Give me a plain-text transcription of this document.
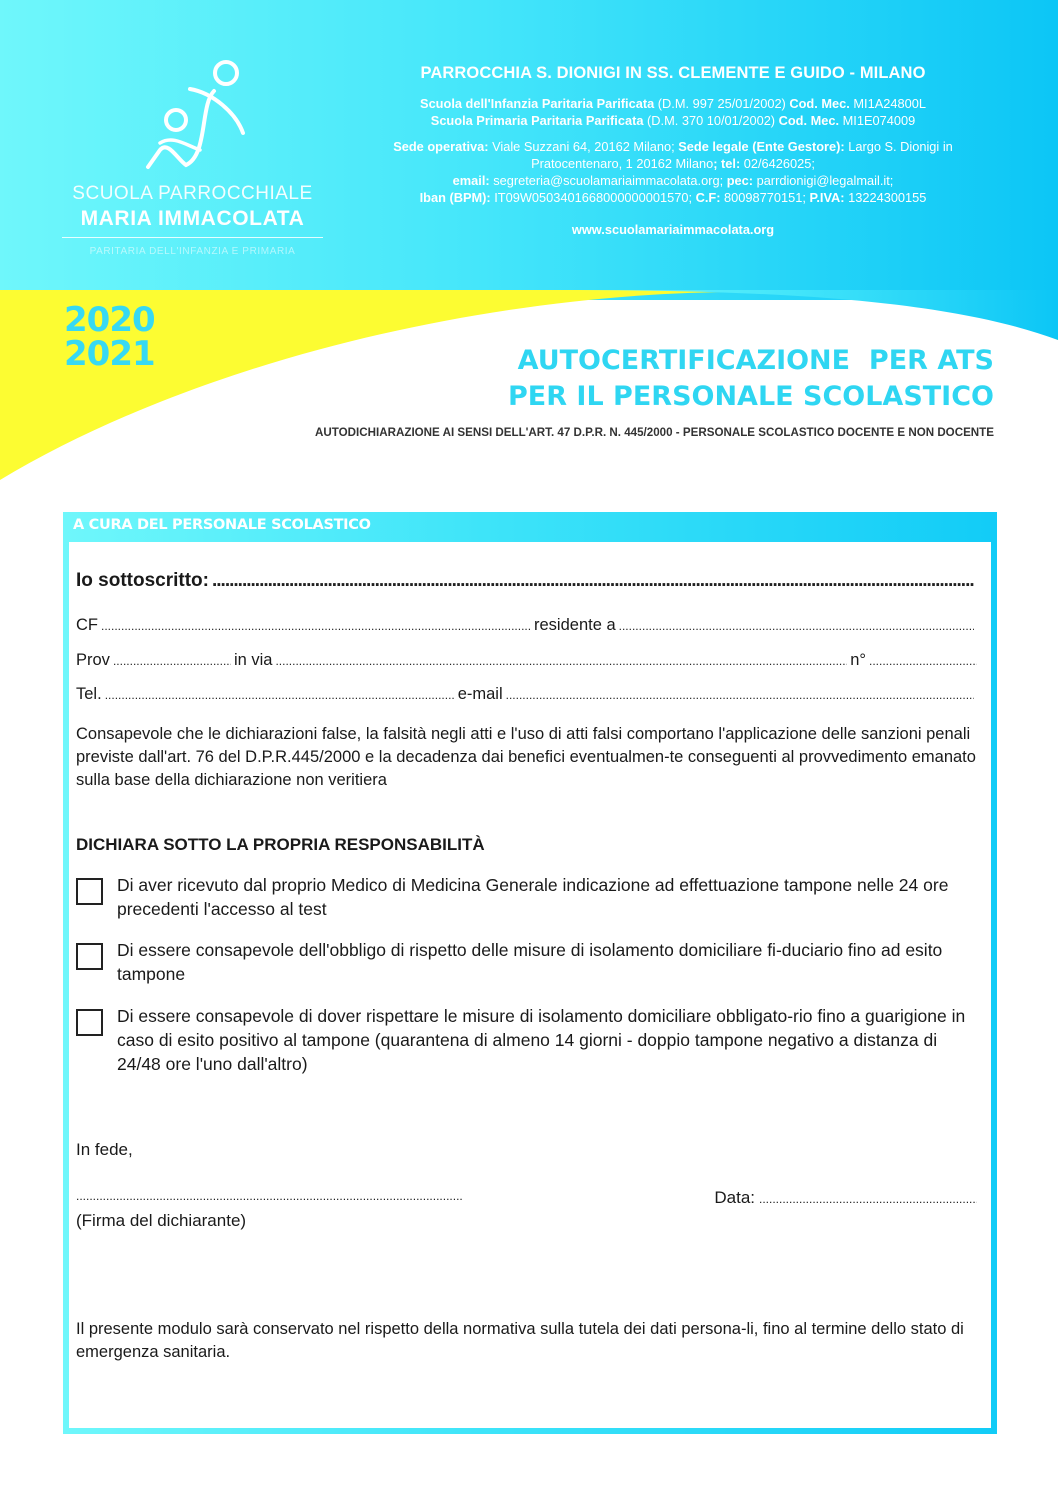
SCUOLA PARROCCHIALE
MARIA IMMACOLATA
PARITARIA DELL'INFANZIA E PRIMARIA
PARROCCHIA S. DIONIGI IN SS. CLEMENTE E GUIDO - MILANO
Scuola dell'Infanzia Paritaria Parificata (D.M. 997 25/01/2002) Cod. Mec. MI1A24800L
Scuola Primaria Paritaria Parificata (D.M. 370 10/01/2002) Cod. Mec. MI1E074009
Sede operativa: Viale Suzzani 64, 20162 Milano; Sede legale (Ente Gestore): Largo S. Dionigi in Pratocentenaro, 1 20162 Milano; tel: 02/6426025;
email: segreteria@scuolamariaimmacolata.org; pec: parrdionigi@legalmail.it;
Iban (BPM): IT09W0503401668000000001570; C.F: 80098770151; P.IVA: 13224300155
www.scuolamariaimmacolata.org
2020
2021	AUTOCERTIFICAZIONE  PER ATS
PER IL PERSONALE SCOLASTICO
AUTODICHIARAZIONE AI SENSI DELL'ART. 47 D.P.R. N. 445/2000 - PERSONALE SCOLASTICO DOCENTE E NON DOCENTE
A CURA DEL PERSONALE SCOLASTICO
Io sottoscritto:
.....
CF .....	residente a
.....
Prov .....	in via .....	n°
.....
Tel. .....	e-mail
.....
Consapevole che le dichiarazioni false, la falsità negli atti e l'uso di atti falsi comportano l'applicazione delle sanzioni penali previste dall'art. 76 del D.P.R.445/2000 e la decadenza dai benefici eventualmen-te conseguenti al provvedimento emanato sulla base della dichiarazione non veritiera
DICHIARA SOTTO LA PROPRIA RESPONSABILITÀ
Di aver ricevuto dal proprio Medico di Medicina Generale indicazione ad effettuazione tampone nelle 24 ore precedenti l'accesso al test
Di essere consapevole dell'obbligo di rispetto delle misure di isolamento domiciliare fi-duciario fino ad esito tampone
Di essere consapevole di dover rispettare le misure di isolamento domiciliare obbligato-rio fino a guarigione in caso di esito positivo al tampone (quarantena di almeno 14 giorni - doppio tampone negativo a distanza di 24/48 ore l'uno dall'altro)
In fede,
.....
(Firma del dichiarante)
Data:
.....
Il presente modulo sarà conservato nel rispetto della normativa sulla tutela dei dati persona-li, fino al termine dello stato di emergenza sanitaria.
